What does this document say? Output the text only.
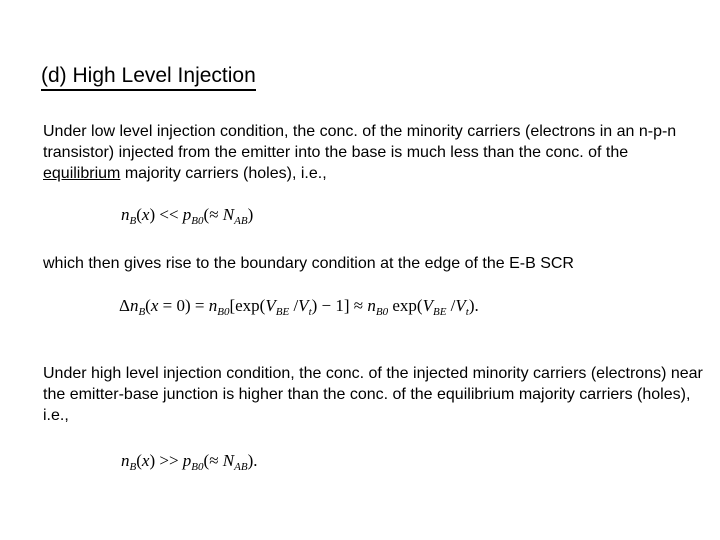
(d) High Level Injection
Under low level injection condition, the conc. of the minority carriers (electrons in an n-p-n transistor) injected from the emitter into the base is much less than the conc. of the equilibrium majority carriers (holes), i.e.,
$n_B(x) << p_{B0}(\approx N_{AB})$
which then gives rise to the boundary condition at the edge of the E-B SCR
$\Delta n_B(x = 0) = n_{B0}[\exp(V_{BE}$ $/V_t) - 1] \approx n_{B0}$ $\exp(V_{BE}$ $/V_t$).
Under high level injection condition, the conc. of the injected minority carriers (electrons) near the emitter-base junction is higher than the conc. of the equilibrium majority carriers (holes), i.e.,
$n_B(x) >> p_{B0}(\approx N_{AB})$.
